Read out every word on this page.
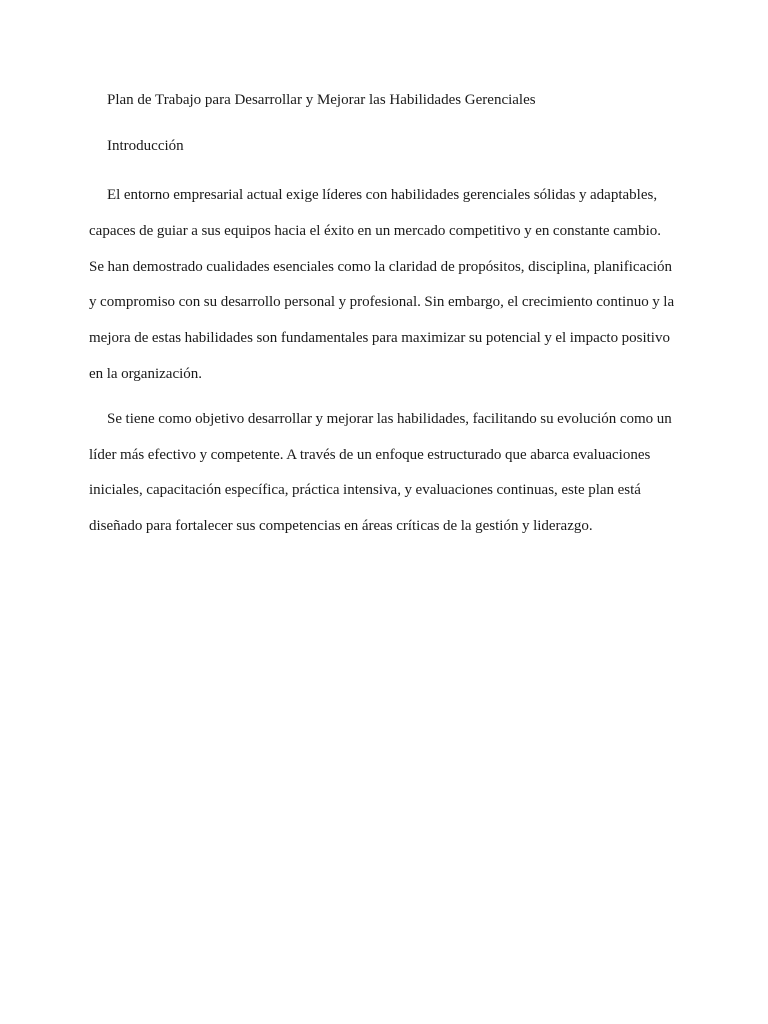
Plan de Trabajo para Desarrollar y Mejorar las Habilidades Gerenciales
Introducción

El entorno empresarial actual exige líderes con habilidades gerenciales sólidas y adaptables, capaces de guiar a sus equipos hacia el éxito en un mercado competitivo y en constante cambio. Se han demostrado cualidades esenciales como la claridad de propósitos, disciplina, planificación y compromiso con su desarrollo personal y profesional. Sin embargo, el crecimiento continuo y la mejora de estas habilidades son fundamentales para maximizar su potencial y el impacto positivo en la organización.

Se tiene como objetivo desarrollar y mejorar las habilidades, facilitando su evolución como un líder más efectivo y competente. A través de un enfoque estructurado que abarca evaluaciones iniciales, capacitación específica, práctica intensiva, y evaluaciones continuas, este plan está diseñado para fortalecer sus competencias en áreas críticas de la gestión y liderazgo.
